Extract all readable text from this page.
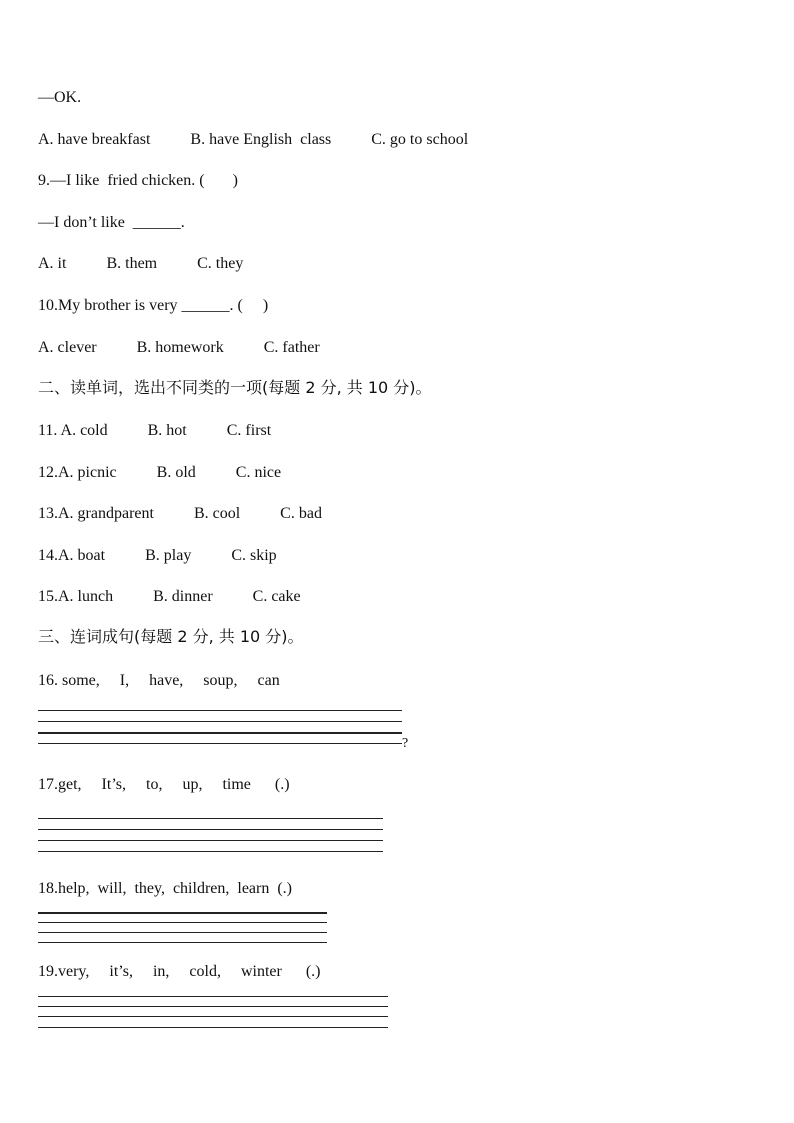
—OK.
A. have breakfast          B. have English  class          C. go to school
9.—I like  fried chicken. (       )
—I don’t like  ______.
A. it          B. them          C. they
10.My brother is very ______. (     )
A. clever          B. homework          C. father
二、读单词，选出不同类的一项(每题 2 分, 共 10 分)。
11. A. cold          B. hot          C. first
12.A. picnic          B. old          C. nice
13.A. grandparent          B. cool          C. bad
14.A. boat          B. play          C. skip
15.A. lunch          B. dinner          C. cake
三、连词成句(每题 2 分, 共 10 分)。
16. some,     I,     have,     soup,     can
?
17.get,     It’s,     to,     up,     time      (.)
18.help,  will,  they,  children,  learn  (.)
19.very,     it’s,     in,     cold,     winter      (.)
